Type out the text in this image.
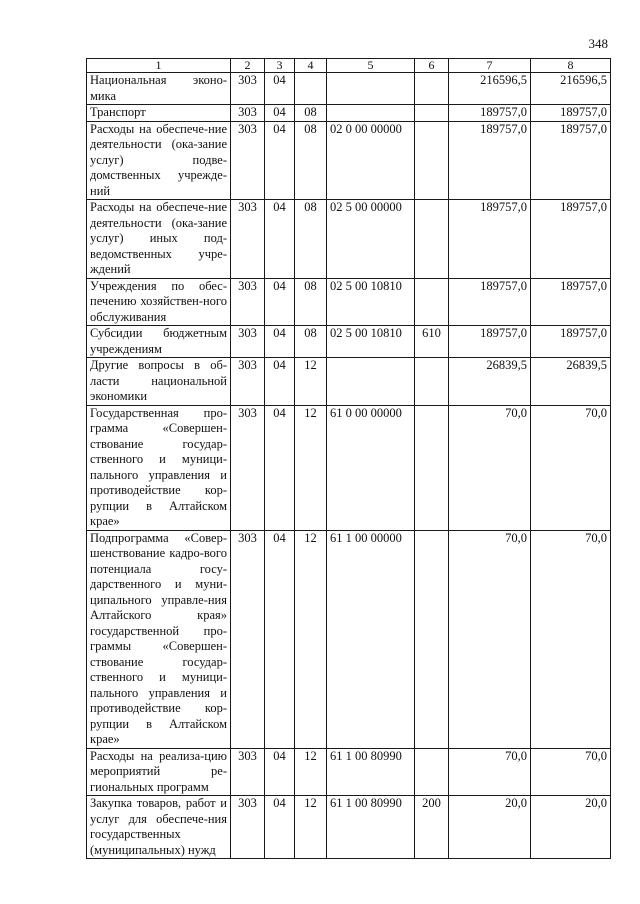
348
1	2	3	4	5	6	7	8
Национальная эконо-мика	303	04				216596,5	216596,5
Транспорт	303	04	08			189757,0	189757,0
Расходы на обеспече-ние деятельности (ока-зание услуг) подве-домственных учрежде-ний	303	04	08	02 0 00 00000		189757,0	189757,0
Расходы на обеспече-ние деятельности (ока-зание услуг) иных под-ведомственных учре-ждений	303	04	08	02 5 00 00000		189757,0	189757,0
Учреждения по обес-печению хозяйствен-ного обслуживания	303	04	08	02 5 00 10810		189757,0	189757,0
Субсидии бюджетным учреждениям	303	04	08	02 5 00 10810	610	189757,0	189757,0
Другие вопросы в об-ласти национальной экономики	303	04	12			26839,5	26839,5
Государственная про-грамма «Совершен-ствование государ-ственного и муници-пального управления и противодействие кор-рупции в Алтайском крае»	303	04	12	61 0 00 00000		70,0	70,0
Подпрограмма «Совер-шенствование кадро-вого потенциала госу-дарственного и муни-ципального управле-ния Алтайского края» государственной про-граммы «Совершен-ствование государ-ственного и муници-пального управления и противодействие кор-рупции в Алтайском крае»	303	04	12	61 1 00 00000		70,0	70,0
Расходы на реализа-цию мероприятий ре-гиональных программ	303	04	12	61 1 00 80990		70,0	70,0
Закупка товаров, работ и услуг для обеспече-ния государственных (муниципальных) нужд	303	04	12	61 1 00 80990	200	20,0	20,0
